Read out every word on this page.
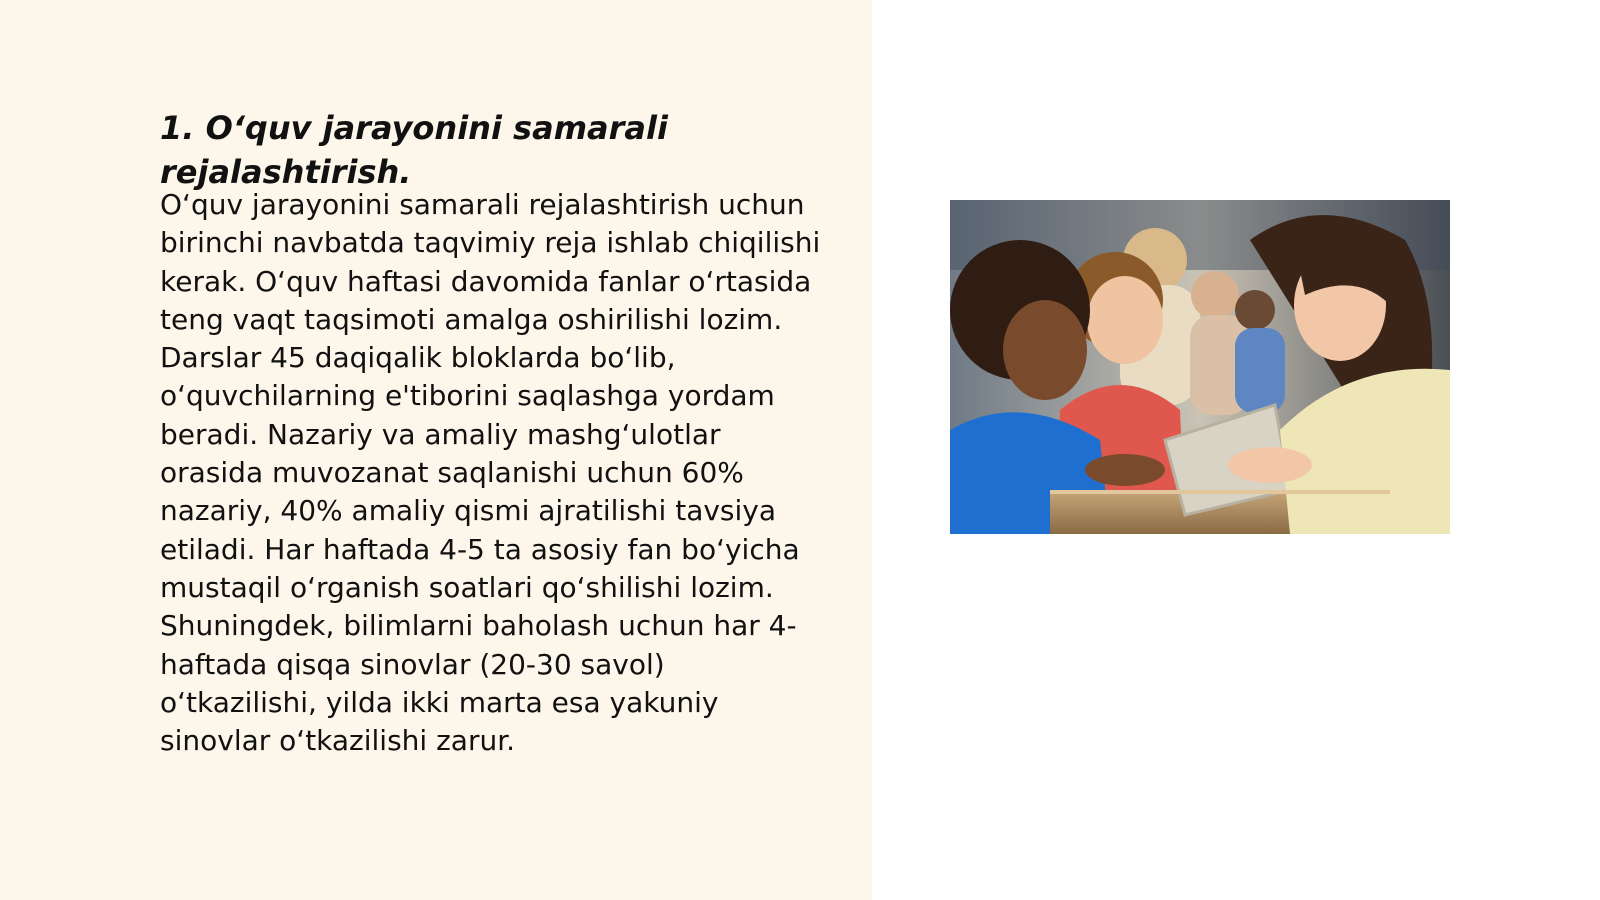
1. O‘quv jarayonini samarali rejalashtirish.

O‘quv jarayonini samarali rejalashtirish uchun birinchi navbatda taqvimiy reja ishlab chiqilishi kerak. O‘quv haftasi davomida fanlar o‘rtasida teng vaqt taqsimoti amalga oshirilishi lozim. Darslar 45 daqiqalik bloklarda bo‘lib, o‘quvchilarning e'tiborini saqlashga yordam beradi. Nazariy va amaliy mashg‘ulotlar orasida muvozanat saqlanishi uchun 60% nazariy, 40% amaliy qismi ajratilishi tavsiya etiladi. Har haftada 4-5 ta asosiy fan bo‘yicha mustaqil o‘rganish soatlari qo‘shilishi lozim. Shuningdek, bilimlarni baholash uchun har 4-haftada qisqa sinovlar (20-30 savol) o‘tkazilishi, yilda ikki marta esa yakuniy sinovlar o‘tkazilishi zarur.
